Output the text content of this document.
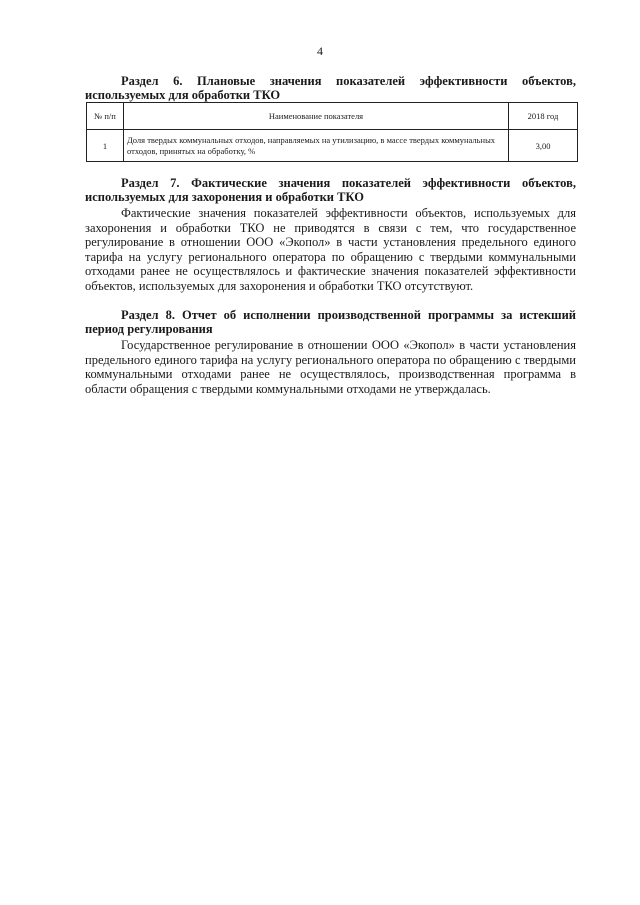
4
Раздел 6. Плановые значения показателей эффективности объектов, используемых для обработки ТКО
№ п/п	Наименование показателя	2018 год
1	Доля твердых коммунальных отходов, направляемых на утилизацию, в массе твердых коммунальных отходов, принятых на обработку, %	3,00
Раздел 7. Фактические значения показателей эффективности объектов, используемых для захоронения и обработки ТКО
Фактические значения показателей эффективности объектов, используемых для захоронения и обработки ТКО не приводятся в связи с тем, что государственное регулирование в отношении ООО «Экопол» в части установления предельного единого тарифа на услугу регионального оператора по обращению с твердыми коммунальными отходами ранее не осуществлялось и фактические значения показателей эффективности объектов, используемых для захоронения и обработки ТКО отсутствуют.
Раздел 8. Отчет об исполнении производственной программы за истекший период регулирования
Государственное регулирование в отношении ООО «Экопол» в части установления предельного единого тарифа на услугу регионального оператора по обращению с твердыми коммунальными отходами ранее не осуществлялось, производственная программа в области обращения с твердыми коммунальными отходами не утверждалась.
